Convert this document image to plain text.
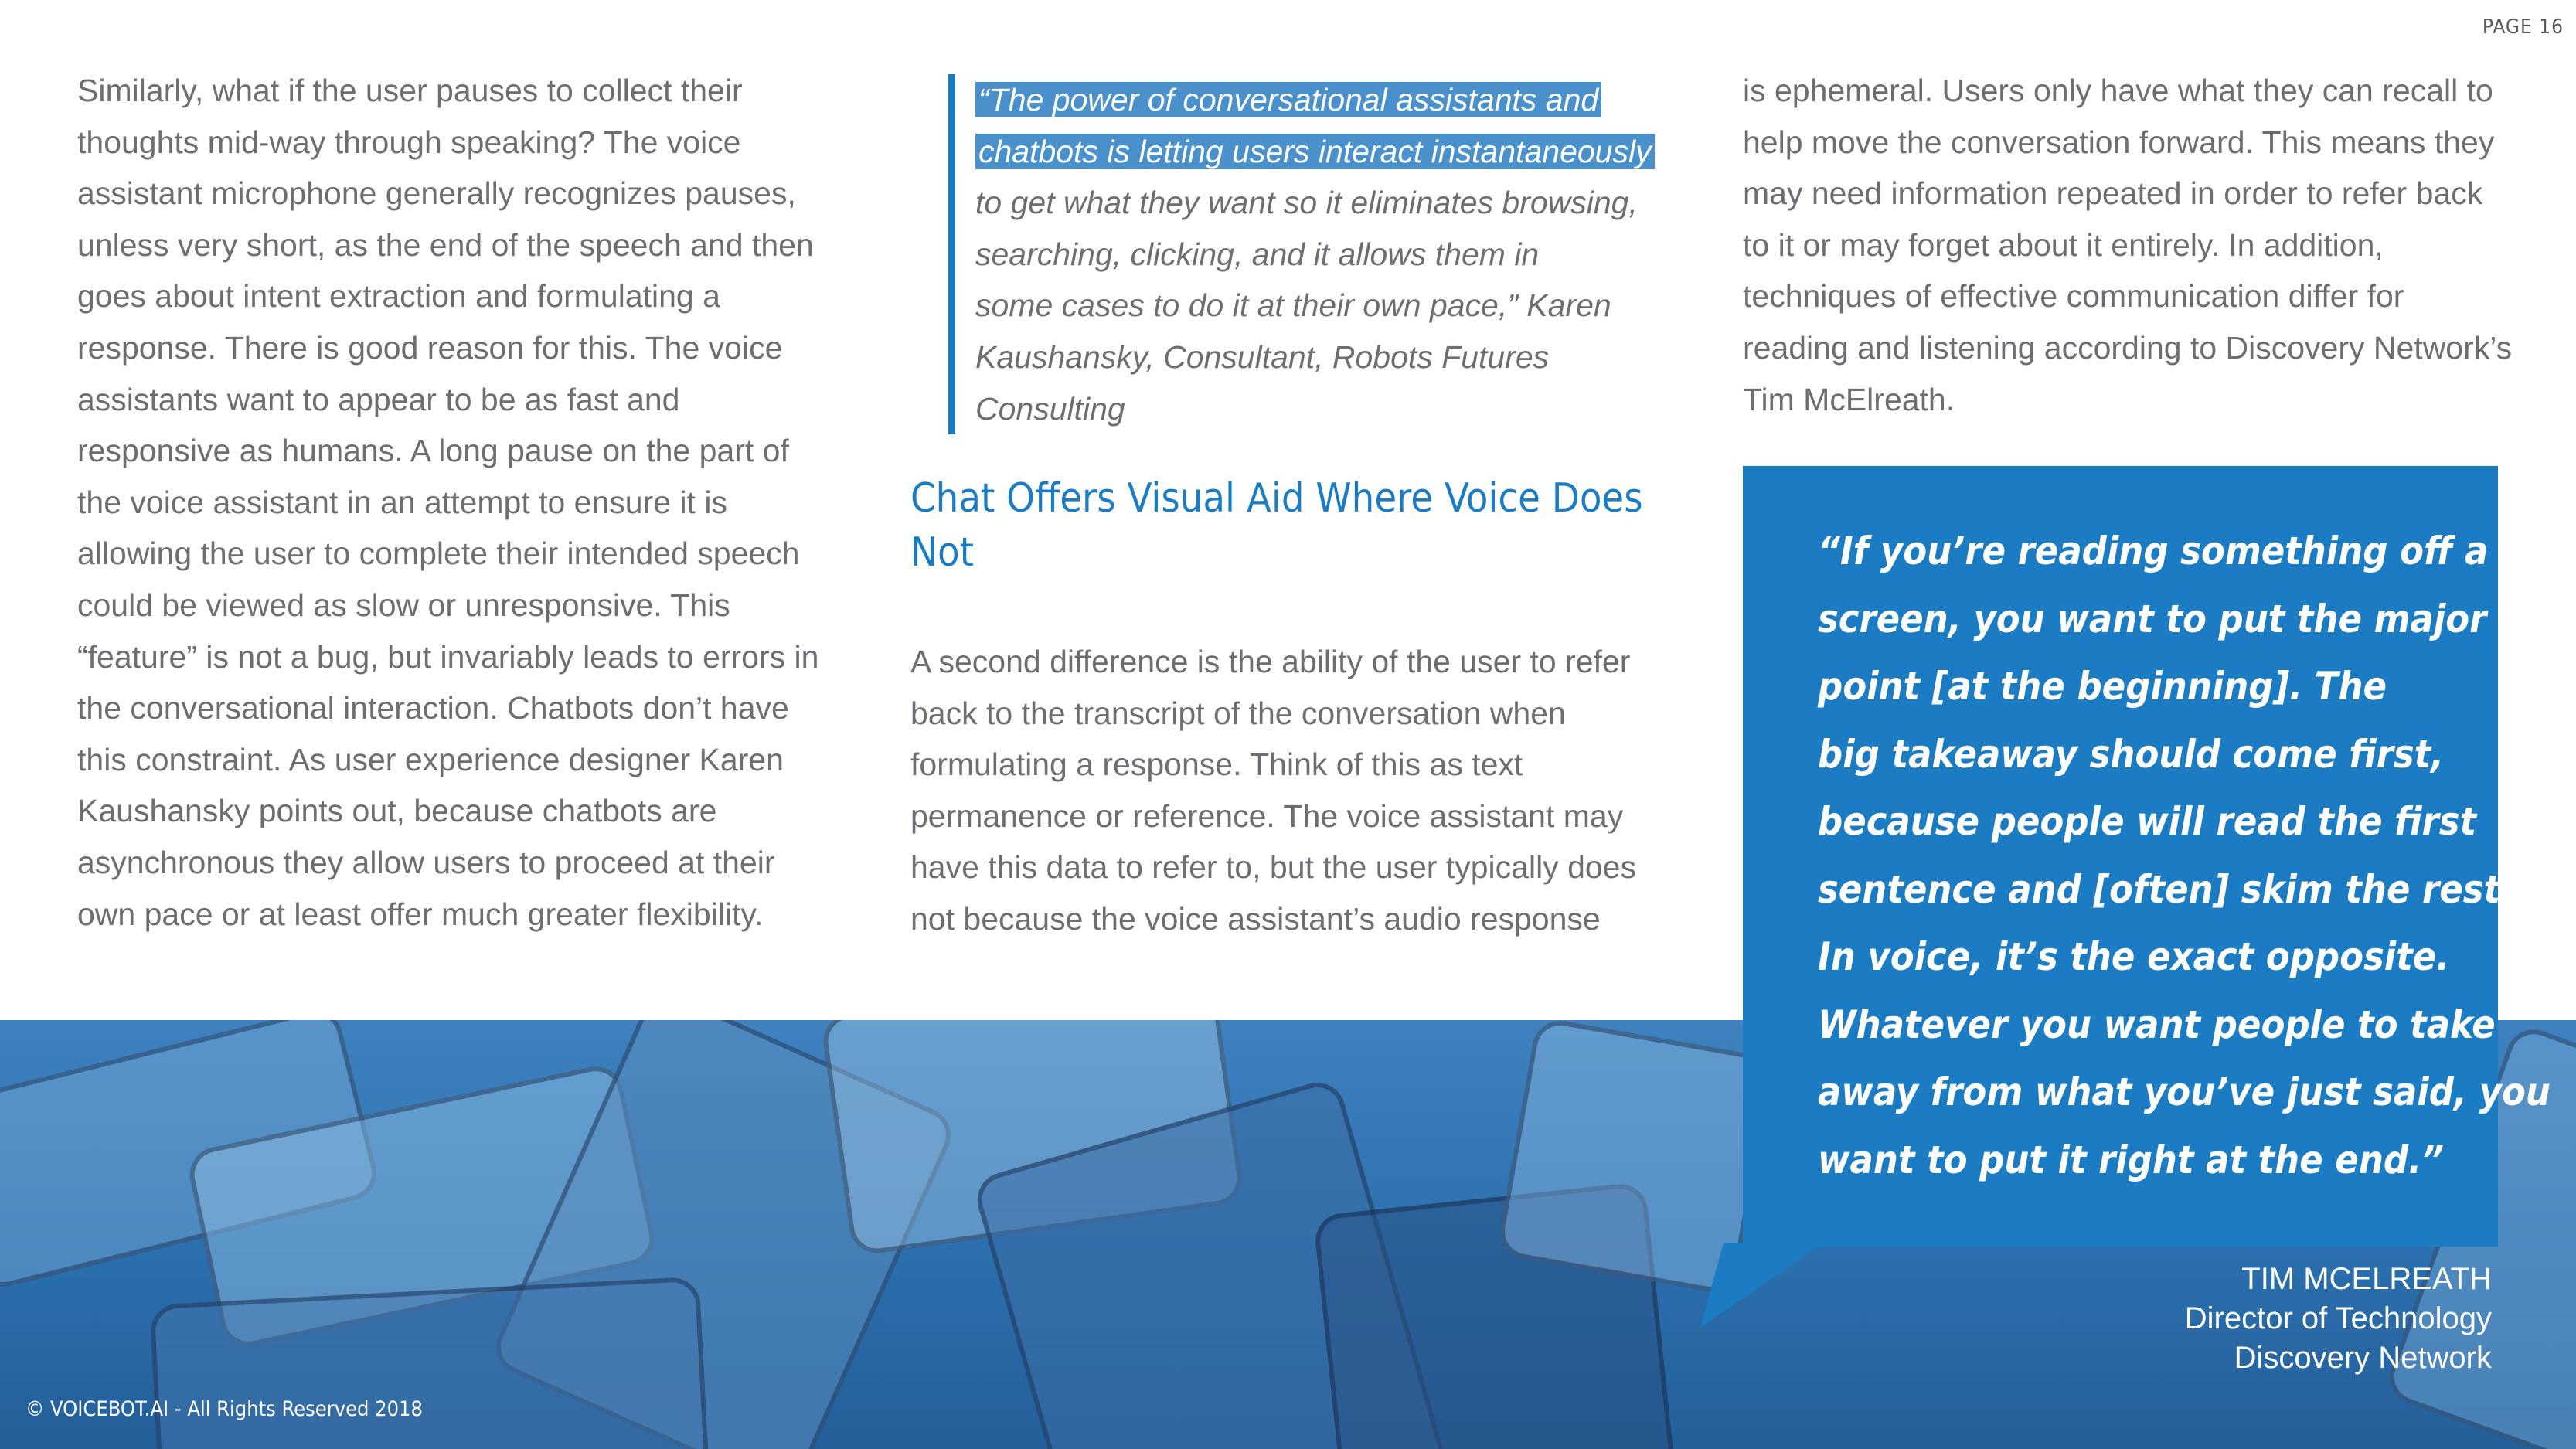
PAGE 16

Similarly, what if the user pauses to collect their thoughts mid-way through speaking? The voice assistant microphone generally recognizes pauses, unless very short, as the end of the speech and then goes about intent extraction and formulating a response. There is good reason for this. The voice assistants want to appear to be as fast and responsive as humans. A long pause on the part of the voice assistant in an attempt to ensure it is allowing the user to complete their intended speech could be viewed as slow or unresponsive. This “feature” is not a bug, but invariably leads to errors in the conversational interaction. Chatbots don’t have this constraint. As user experience designer Karen Kaushansky points out, because chatbots are asynchronous they allow users to proceed at their own pace or at least offer much greater flexibility.

“The power of conversational assistants and
chatbots is letting users interact instantaneously
to get what they want so it eliminates browsing,
searching, clicking, and it allows them in
some cases to do it at their own pace,” Karen
Kaushansky, Consultant, Robots Futures
Consulting
Chat Offers Visual Aid Where Voice Does Not

A second difference is the ability of the user to refer back to the transcript of the conversation when formulating a response. Think of this as text permanence or reference. The voice assistant may have this data to refer to, but the user typically does not because the voice assistant’s audio response

is ephemeral. Users only have what they can recall to help move the conversation forward. This means they may need information repeated in order to refer back to it or may forget about it entirely. In addition, techniques of effective communication differ for reading and listening according to Discovery Network’s Tim McElreath.

“If you’re reading something off a
screen, you want to put the major
point [at the beginning]. The
big takeaway should come first,
because people will read the first
sentence and [often] skim the rest.
In voice, it’s the exact opposite.
Whatever you want people to take
away from what you’ve just said, you
want to put it right at the end.”
TIM MCELREATH
Director of Technology
Discovery Network
© VOICEBOT.AI - All Rights Reserved 2018
